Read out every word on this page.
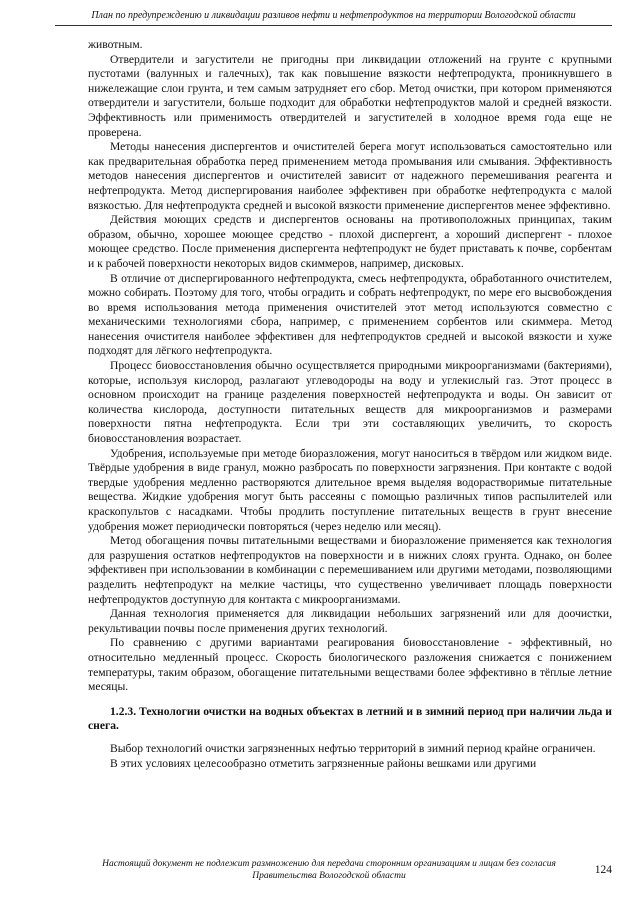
План по предупреждению и ликвидации разливов нефти и нефтепродуктов на территории Вологодской области

животным.

Отвердители и загустители не пригодны при ликвидации отложений на грунте с крупными пустотами (валунных и галечных), так как повышение вязкости нефтепродукта, проникнувшего в нижележащие слои грунта, и тем самым затрудняет его сбор. Метод очистки, при котором применяются отвердители и загустители, больше подходит для обработки нефтепродуктов малой и средней вязкости. Эффективность или применимость отвердителей и загустителей в холодное время года еще не проверена.

Методы нанесения диспергентов и очистителей берега могут использоваться самостоятельно или как предварительная обработка перед применением метода промывания или смывания. Эффективность методов нанесения диспергентов и очистителей зависит от надежного перемешивания реагента и нефтепродукта. Метод диспергирования наиболее эффективен при обработке нефтепродукта с малой вязкостью. Для нефтепродукта средней и высокой вязкости применение диспергентов менее эффективно.

Действия моющих средств и диспергентов основаны на противоположных принципах, таким образом, обычно, хорошее моющее средство - плохой диспергент, а хороший диспергент - плохое моющее средство. После применения диспергента нефтепродукт не будет приставать к почве, сорбентам и к рабочей поверхности некоторых видов скиммеров, например, дисковых.

В отличие от диспергированного нефтепродукта, смесь нефтепродукта, обработанного очистителем, можно собирать. Поэтому для того, чтобы оградить и собрать нефтепродукт, по мере его высвобождения во время использования метода применения очистителей этот метод используются совместно с механическими технологиями сбора, например, с применением сорбентов или скиммера. Метод нанесения очистителя наиболее эффективен для нефтепродуктов средней и высокой вязкости и хуже подходят для лёгкого нефтепродукта.

Процесс биовосстановления обычно осуществляется природными микроорганизмами (бактериями), которые, используя кислород, разлагают углеводороды на воду и углекислый газ. Этот процесс в основном происходит на границе разделения поверхностей нефтепродукта и воды. Он зависит от количества кислорода, доступности питательных веществ для микроорганизмов и размерами поверхности пятна нефтепродукта. Если три эти составляющих увеличить, то скорость биовосстановления возрастает.

Удобрения, используемые при методе биоразложения, могут наноситься в твёрдом или жидком виде. Твёрдые удобрения в виде гранул, можно разбросать по поверхности загрязнения. При контакте с водой твердые удобрения медленно растворяются длительное время выделяя водорастворимые питательные вещества. Жидкие удобрения могут быть рассеяны с помощью различных типов распылителей или краскопультов с насадками. Чтобы продлить поступление питательных веществ в грунт внесение удобрения может периодически повторяться (через неделю или месяц).

Метод обогащения почвы питательными веществами и биоразложение применяется как технология для разрушения остатков нефтепродуктов на поверхности и в нижних слоях грунта. Однако, он более эффективен при использовании в комбинации с перемешиванием или другими методами, позволяющими разделить нефтепродукт на мелкие частицы, что существенно увеличивает площадь поверхности нефтепродуктов доступную для контакта с микроорганизмами.

Данная технология применяется для ликвидации небольших загрязнений или для доочистки, рекультивации почвы после применения других технологий.

По сравнению с другими вариантами реагирования биовосстановление - эффективный, но относительно медленный процесс. Скорость биологического разложения снижается с понижением температуры, таким образом, обогащение питательными веществами более эффективно в тёплые летние месяцы.

1.2.3. Технологии очистки на водных объектах в летний и в зимний период при наличии льда и снега.

Выбор технологий очистки загрязненных нефтью территорий в зимний период крайне ограничен.

В этих условиях целесообразно отметить загрязненные районы вешками или другими

Настоящий документ не подлежит размножению для передачи сторонним организациям и лицам без согласия Правительства Вологодской области	124
